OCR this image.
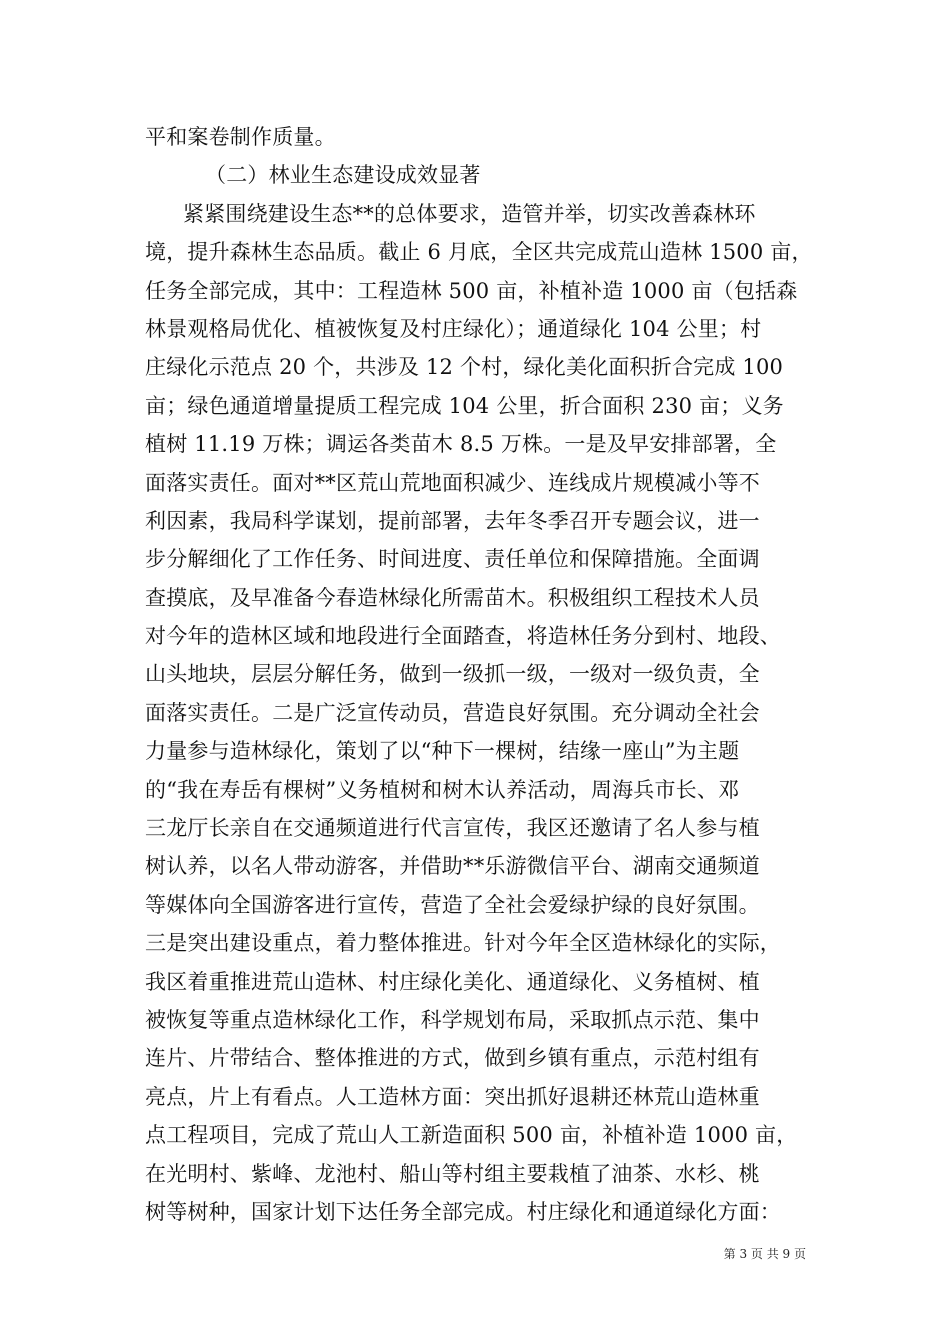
平和案卷制作质量。
（二）林业生态建设成效显著
紧紧围绕建设生态**的总体要求，造管并举，切实改善森林环
境，提升森林生态品质。截止 6 月底，全区共完成荒山造林 1500 亩，
任务全部完成，其中：工程造林 500 亩，补植补造 1000 亩（包括森
林景观格局优化、植被恢复及村庄绿化）；通道绿化 104 公里；村
庄绿化示范点 20 个，共涉及 12 个村，绿化美化面积折合完成 100
亩；绿色通道增量提质工程完成 104 公里，折合面积 230 亩；义务
植树 11.19 万株；调运各类苗木 8.5 万株。一是及早安排部署，全
面落实责任。面对**区荒山荒地面积减少、连线成片规模减小等不
利因素，我局科学谋划，提前部署，去年冬季召开专题会议，进一
步分解细化了工作任务、时间进度、责任单位和保障措施。全面调
查摸底，及早准备今春造林绿化所需苗木。积极组织工程技术人员
对今年的造林区域和地段进行全面踏查，将造林任务分到村、地段、
山头地块，层层分解任务，做到一级抓一级，一级对一级负责，全
面落实责任。二是广泛宣传动员，营造良好氛围。充分调动全社会
力量参与造林绿化，策划了以“种下一棵树，结缘一座山”为主题
的“我在寿岳有棵树”义务植树和树木认养活动，周海兵市长、邓
三龙厅长亲自在交通频道进行代言宣传，我区还邀请了名人参与植
树认养，以名人带动游客，并借助**乐游微信平台、湖南交通频道
等媒体向全国游客进行宣传，营造了全社会爱绿护绿的良好氛围。
三是突出建设重点，着力整体推进。针对今年全区造林绿化的实际，
我区着重推进荒山造林、村庄绿化美化、通道绿化、义务植树、植
被恢复等重点造林绿化工作，科学规划布局，采取抓点示范、集中
连片、片带结合、整体推进的方式，做到乡镇有重点，示范村组有
亮点，片上有看点。人工造林方面：突出抓好退耕还林荒山造林重
点工程项目，完成了荒山人工新造面积 500 亩，补植补造 1000 亩，
在光明村、紫峰、龙池村、船山等村组主要栽植了油茶、水杉、桃
树等树种，国家计划下达任务全部完成。村庄绿化和通道绿化方面：
第 3 页 共 9 页
